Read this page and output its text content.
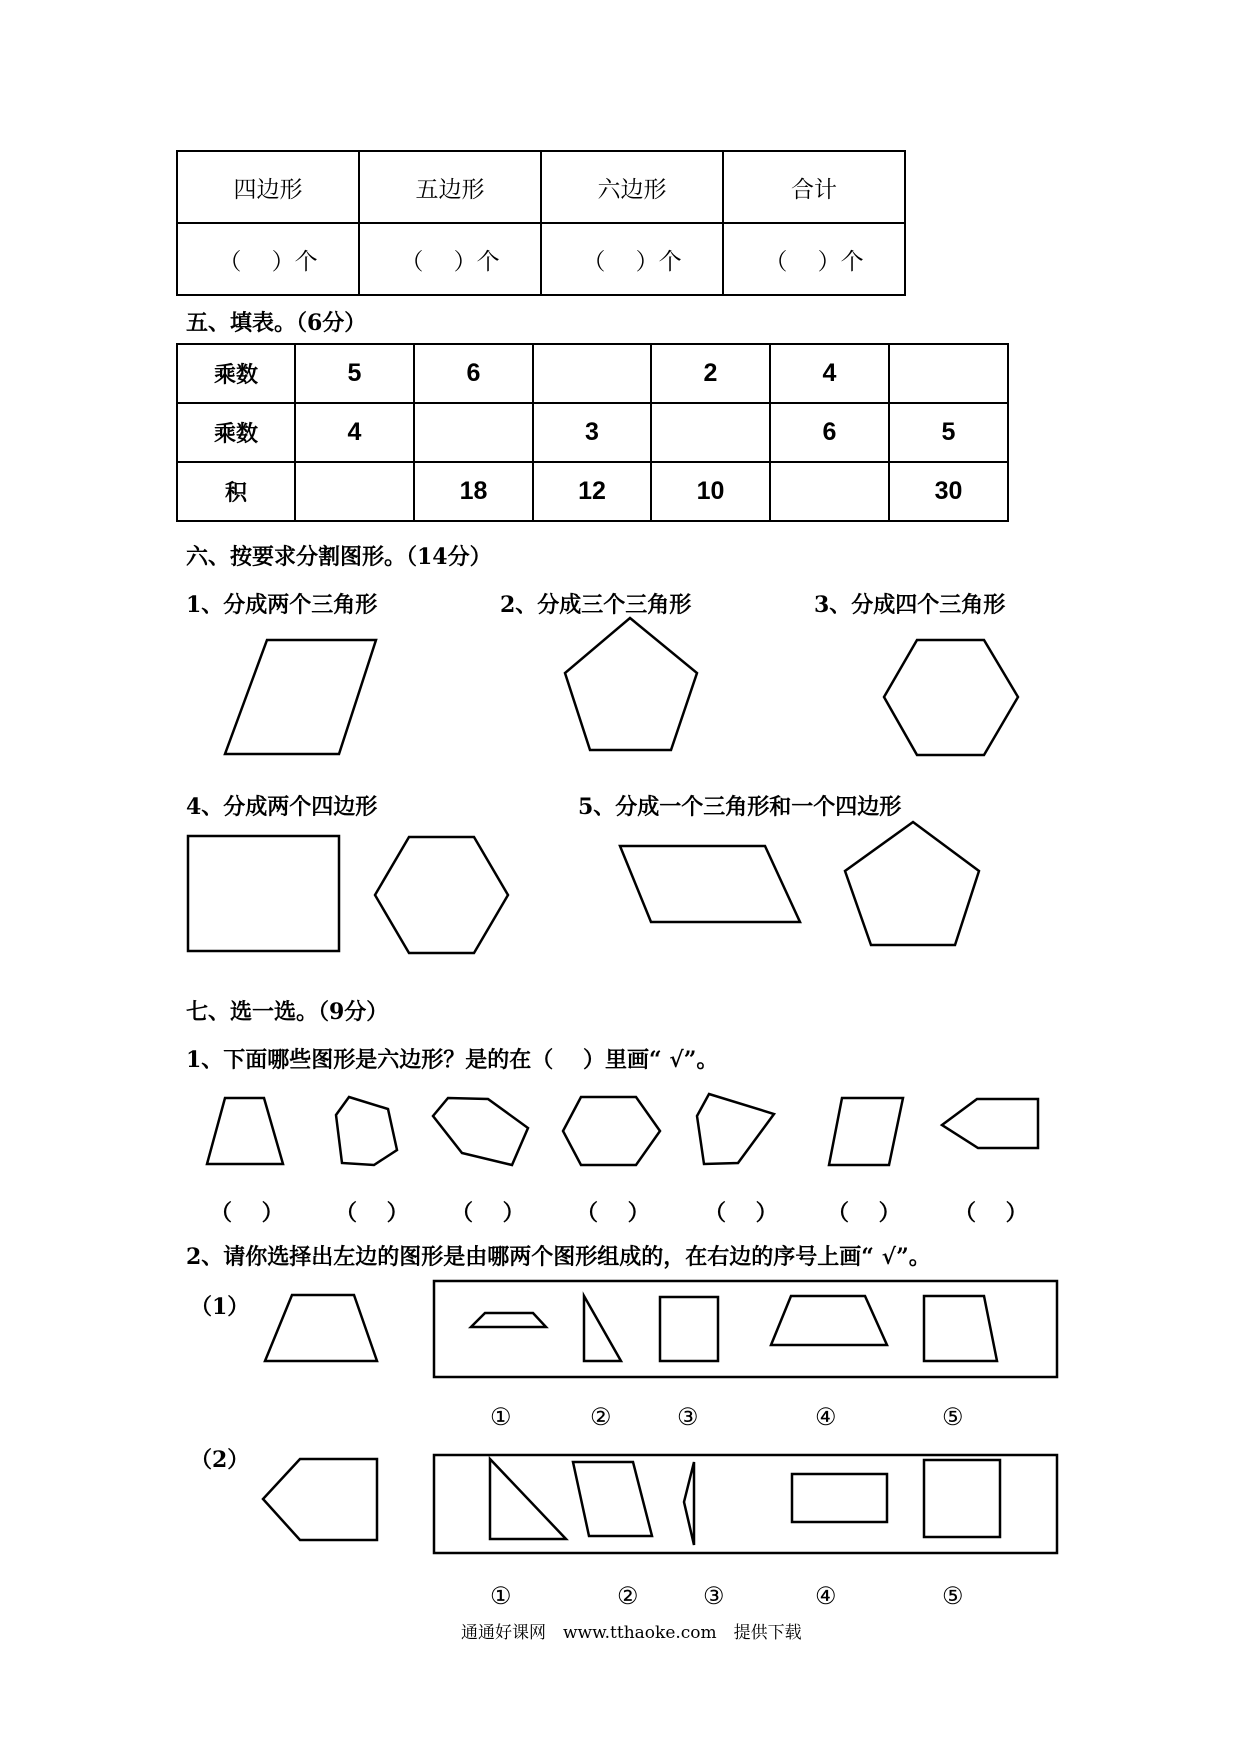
四边形	五边形	六边形	合计
（　 ）个	（　 ）个	（　 ）个	（　 ）个
五、填表。（6分）
乘数	5	6		2	4	
乘数	4		3		6	5
积		18	12	10		30
六、按要求分割图形。（14分）
1、分成两个三角形	2、分成三个三角形	3、分成四个三角形
4、分成两个四边形	5、分成一个三角形和一个四边形
七、选一选。（9分）
1、下面哪些图形是六边形？是的在（　 ）里画“ √”。
（　 ） （　 ） （　 ） （　 ） （　 ） （　 ） （　 ）
2、请你选择出左边的图形是由哪两个图形组成的，在右边的序号上画“ √”。
（1）
（2）
①	②	③	④	⑤
①	②	③	④	⑤
通通好课网　www.tthaoke.com　提供下载
